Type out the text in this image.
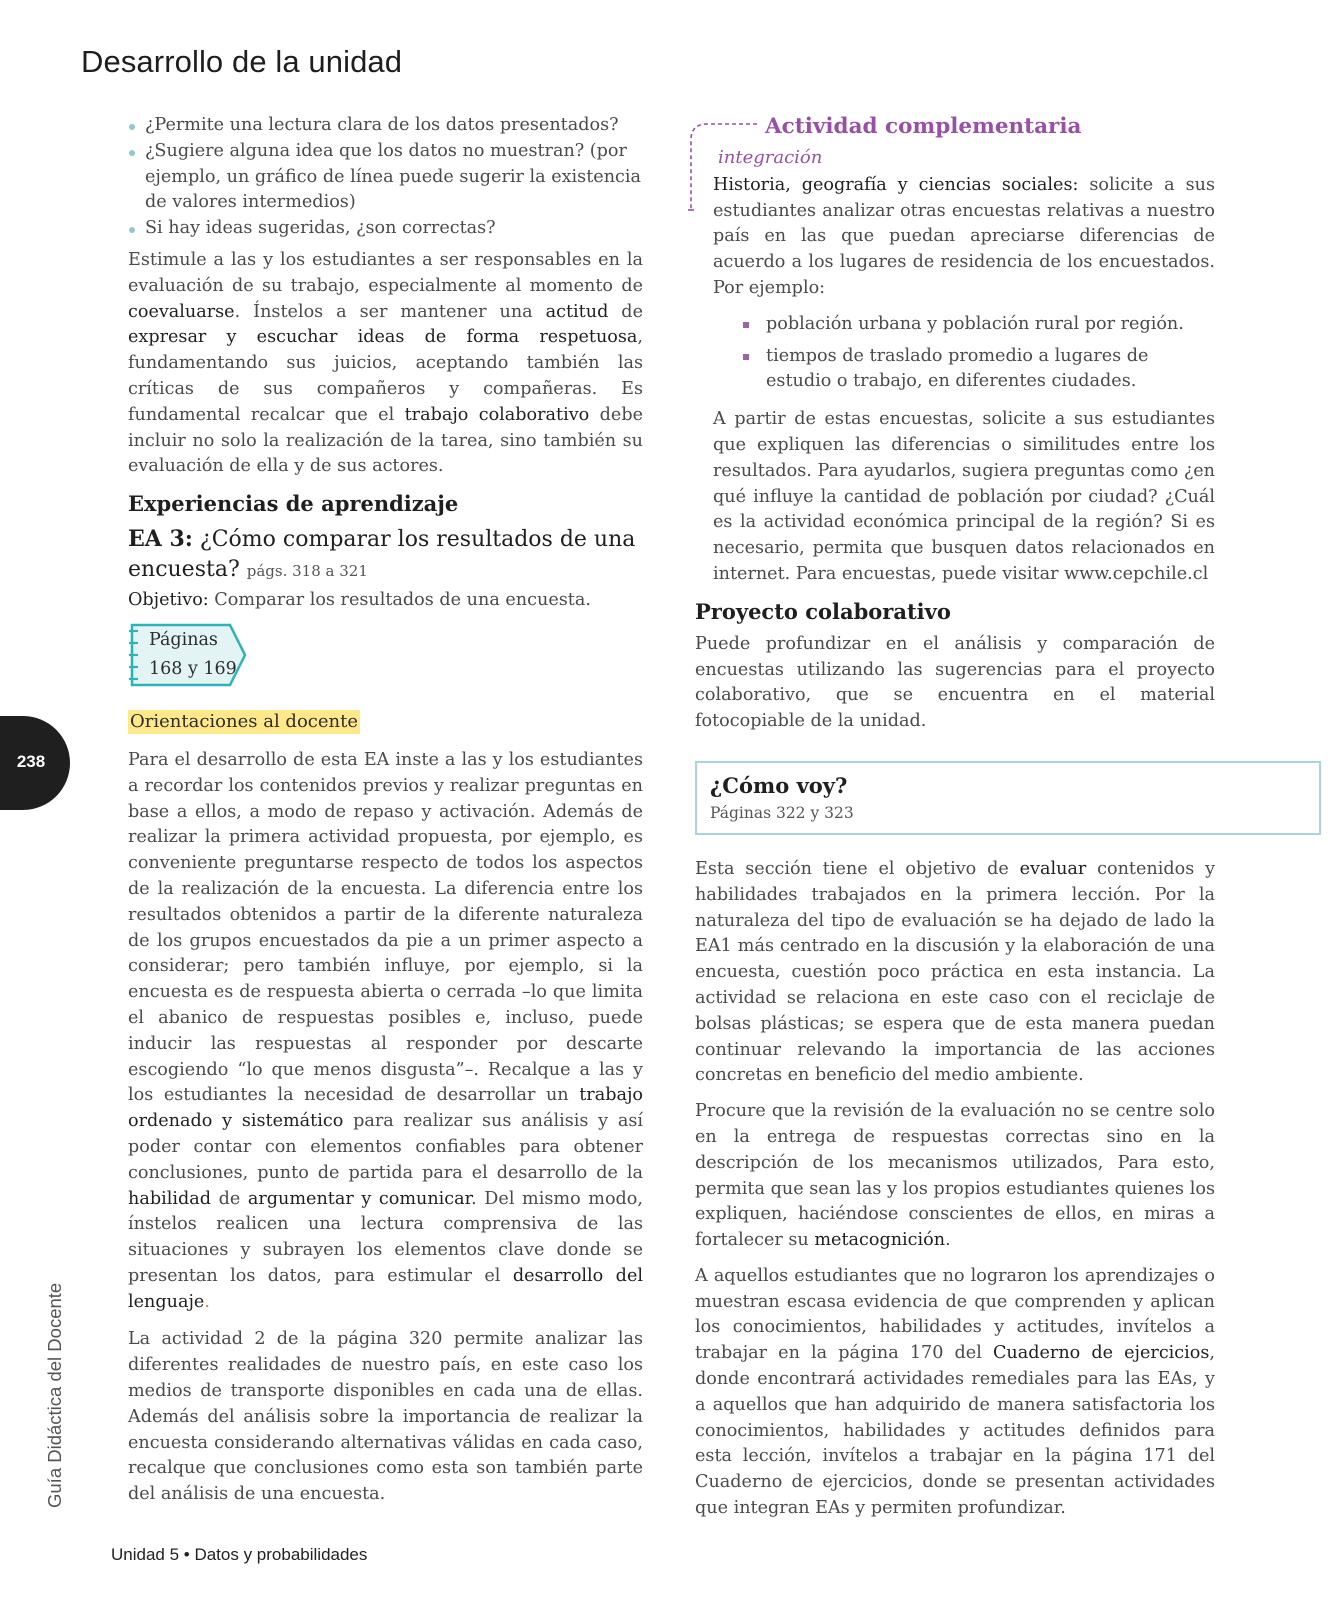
Desarrollo de la unidad
¿Permite una lectura clara de los datos presentados?
¿Sugiere alguna idea que los datos no muestran? (por ejemplo, un gráfico de línea puede sugerir la existencia de valores intermedios)
Si hay ideas sugeridas, ¿son correctas?

Estimule a las y los estudiantes a ser responsables en la evaluación de su trabajo, especialmente al momento de coevaluarse. Ínstelos a ser mantener una actitud de expresar y escuchar ideas de forma respetuosa, fundamentando sus juicios, aceptando también las críticas de sus compañeros y compañeras. Es fundamental recalcar que el trabajo colaborativo debe incluir no solo la realización de la tarea, sino también su evaluación de ella y de sus actores.

Experiencias de aprendizaje
EA 3: ¿Cómo comparar los resultados de una encuesta? págs. 318 a 321
Objetivo: Comparar los resultados de una encuesta.
Páginas
168 y 169
Orientaciones al docente

Para el desarrollo de esta EA inste a las y los estudiantes a recordar los contenidos previos y realizar preguntas en base a ellos, a modo de repaso y activación. Además de realizar la primera actividad propuesta, por ejemplo, es conveniente preguntarse respecto de todos los aspectos de la realización de la encuesta. La diferencia entre los resultados obtenidos a partir de la diferente naturaleza de los grupos encuestados da pie a un primer aspecto a considerar; pero también influye, por ejemplo, si la encuesta es de respuesta abierta o cerrada –lo que limita el abanico de respuestas posibles e, incluso, puede inducir las respuestas al responder por descarte escogiendo “lo que menos disgusta”–. Recalque a las y los estudiantes la necesidad de desarrollar un trabajo ordenado y sistemático para realizar sus análisis y así poder contar con elementos confiables para obtener conclusiones, punto de partida para el desarrollo de la habilidad de argumentar y comunicar. Del mismo modo, ínstelos realicen una lectura comprensiva de las situaciones y subrayen los elementos clave donde se presentan los datos, para estimular el desarrollo del lenguaje.

La actividad 2 de la página 320 permite analizar las diferentes realidades de nuestro país, en este caso los medios de transporte disponibles en cada una de ellas. Además del análisis sobre la importancia de realizar la encuesta considerando alternativas válidas en cada caso, recalque que conclusiones como esta son también parte del análisis de una encuesta.

Actividad complementaria
integración

Historia, geografía y ciencias sociales: solicite a sus estudiantes analizar otras encuestas relativas a nuestro país en las que puedan apreciarse diferencias de acuerdo a los lugares de residencia de los encuestados. Por ejemplo:

población urbana y población rural por región.
tiempos de traslado promedio a lugares de estudio o trabajo, en diferentes ciudades.

A partir de estas encuestas, solicite a sus estudiantes que expliquen las diferencias o similitudes entre los resultados. Para ayudarlos, sugiera preguntas como ¿en qué influye la cantidad de población por ciudad? ¿Cuál es la actividad económica principal de la región? Si es necesario, permita que busquen datos relacionados en internet. Para encuestas, puede visitar www.cepchile.cl

Proyecto colaborativo

Puede profundizar en el análisis y comparación de encuestas utilizando las sugerencias para el proyecto colaborativo, que se encuentra en el material fotocopiable de la unidad.

¿Cómo voy?
Páginas 322 y 323

Esta sección tiene el objetivo de evaluar contenidos y habilidades trabajados en la primera lección. Por la naturaleza del tipo de evaluación se ha dejado de lado la EA1 más centrado en la discusión y la elaboración de una encuesta, cuestión poco práctica en esta instancia. La actividad se relaciona en este caso con el reciclaje de bolsas plásticas; se espera que de esta manera puedan continuar relevando la importancia de las acciones concretas en beneficio del medio ambiente.

Procure que la revisión de la evaluación no se centre solo en la entrega de respuestas correctas sino en la descripción de los mecanismos utilizados, Para esto, permita que sean las y los propios estudiantes quienes los expliquen, haciéndose conscientes de ellos, en miras a fortalecer su metacognición.

A aquellos estudiantes que no lograron los aprendizajes o muestran escasa evidencia de que comprenden y aplican los conocimientos, habilidades y actitudes, invítelos a trabajar en la página 170 del Cuaderno de ejercicios, donde encontrará actividades remediales para las EAs, y a aquellos que han adquirido de manera satisfactoria los conocimientos, habilidades y actitudes definidos para esta lección, invítelos a trabajar en la página 171 del Cuaderno de ejercicios, donde se presentan actividades que integran EAs y permiten profundizar.

238
Guía Didáctica del Docente

Unidad 5 • Datos y probabilidades
